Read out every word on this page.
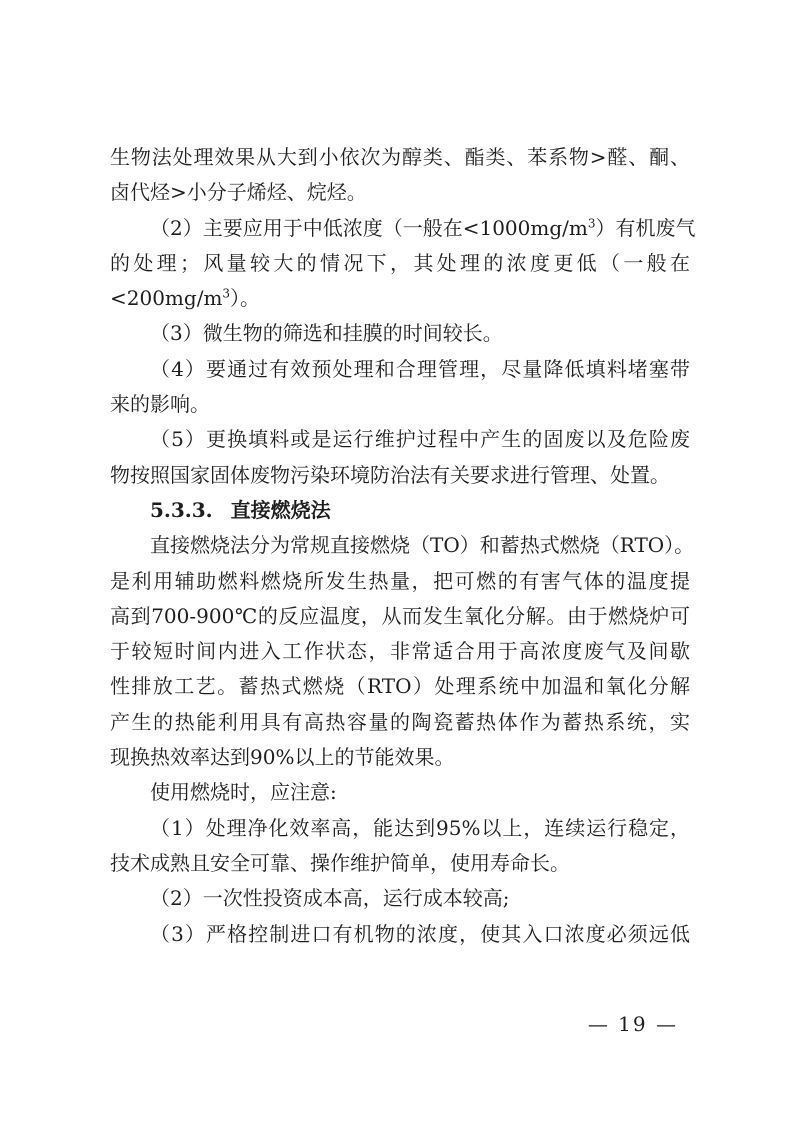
生物法处理效果从大到小依次为醇类、酯类、苯系物>醛、酮、

卤代烃>小分子烯烃、烷烃。

（2）主要应用于中低浓度（一般在$<1000mg/m^3$）有机废气

的处理；风量较大的情况下，其处理的浓度更低（一般在

$<200mg/m^3$）。

（3）微生物的筛选和挂膜的时间较长。

（4）要通过有效预处理和合理管理，尽量降低填料堵塞带

来的影响。

（5）更换填料或是运行维护过程中产生的固废以及危险废

物按照国家固体废物污染环境防治法有关要求进行管理、处置。

5.3.3. 直接燃烧法

直接燃烧法分为常规直接燃烧（TO）和蓄热式燃烧（RTO）。

是利用辅助燃料燃烧所发生热量，把可燃的有害气体的温度提

高到700-900℃的反应温度，从而发生氧化分解。由于燃烧炉可

于较短时间内进入工作状态，非常适合用于高浓度废气及间歇

性排放工艺。蓄热式燃烧（RTO）处理系统中加温和氧化分解

产生的热能利用具有高热容量的陶瓷蓄热体作为蓄热系统，实

现换热效率达到90%以上的节能效果。

使用燃烧时，应注意:

（1）处理净化效率高，能达到95%以上，连续运行稳定，

技术成熟且安全可靠、操作维护简单，使用寿命长。

（2）一次性投资成本高，运行成本较高;

（3）严格控制进口有机物的浓度，使其入口浓度必须远低

— 19 —
